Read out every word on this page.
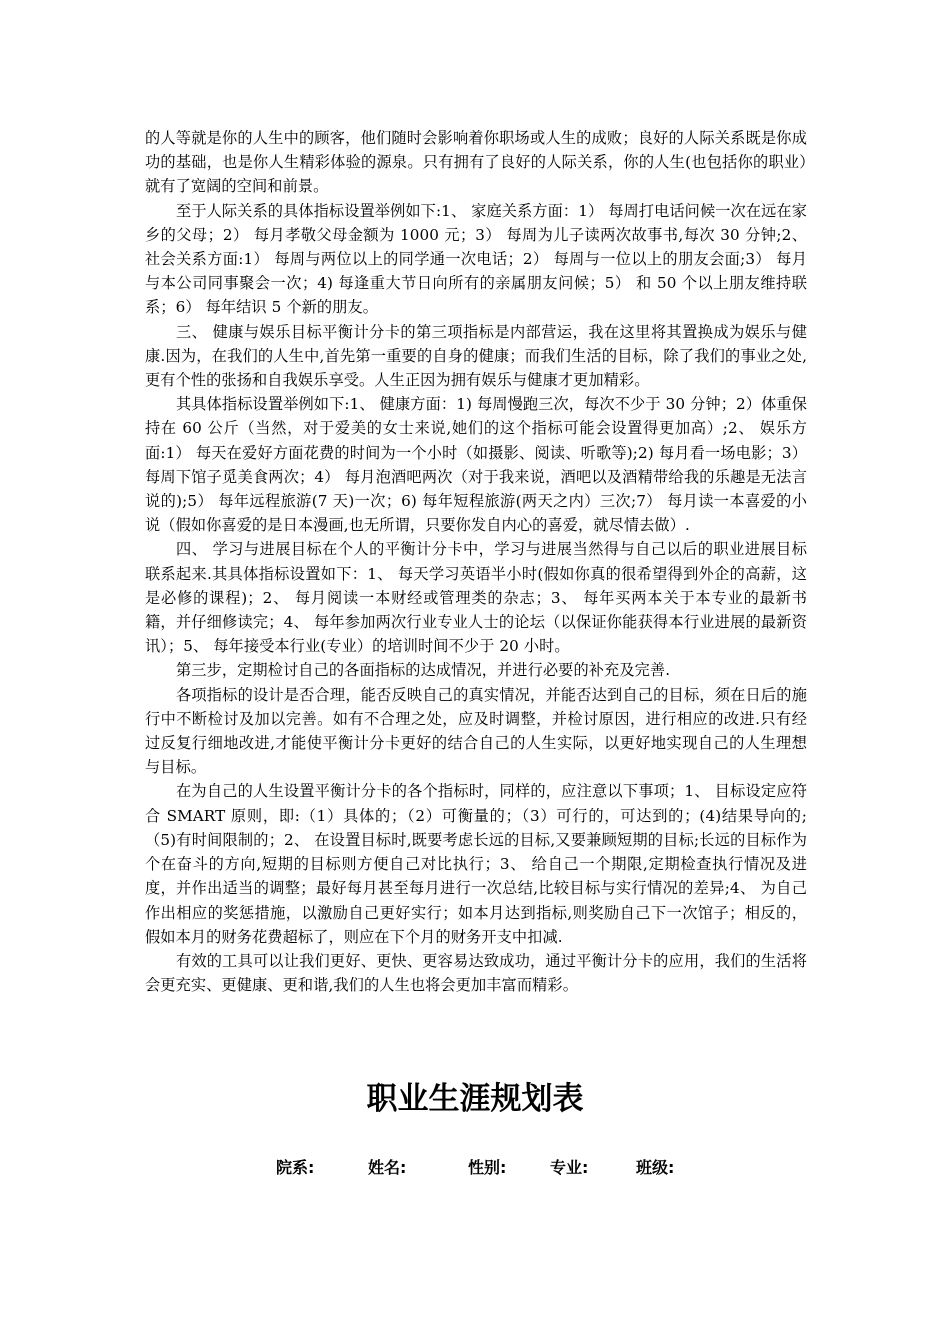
的人等就是你的人生中的顾客，他们随时会影响着你职场或人生的成败；良好的人际关系既是你成功的基础，也是你人生精彩体验的源泉。只有拥有了良好的人际关系，你的人生(也包括你的职业）就有了宽阔的空间和前景。

至于人际关系的具体指标设置举例如下:1、 家庭关系方面：1） 每周打电话问候一次在远在家乡的父母；2） 每月孝敬父母金额为 1000 元；3） 每周为儿子读两次故事书,每次 30 分钟;2、 社会关系方面:1） 每周与两位以上的同学通一次电话；2） 每周与一位以上的朋友会面;3） 每月与本公司同事聚会一次；4) 每逢重大节日向所有的亲属朋友问候；5） 和 50 个以上朋友维持联系；6） 每年结识 5 个新的朋友。

三、 健康与娱乐目标平衡计分卡的第三项指标是内部营运，我在这里将其置换成为娱乐与健康.因为，在我们的人生中,首先第一重要的自身的健康；而我们生活的目标，除了我们的事业之处,更有个性的张扬和自我娱乐享受。人生正因为拥有娱乐与健康才更加精彩。

其具体指标设置举例如下:1、 健康方面：1) 每周慢跑三次，每次不少于 30 分钟；2）体重保持在 60 公斤（当然，对于爱美的女士来说,她们的这个指标可能会设置得更加高）;2、 娱乐方面:1） 每天在爱好方面花费的时间为一个小时（如摄影、阅读、听歌等);2) 每月看一场电影；3） 每周下馆子觅美食两次；4） 每月泡酒吧两次（对于我来说，酒吧以及酒精带给我的乐趣是无法言说的);5） 每年远程旅游(7 天)一次；6) 每年短程旅游(两天之内）三次;7） 每月读一本喜爱的小说（假如你喜爱的是日本漫画,也无所谓，只要你发自内心的喜爱，就尽情去做）.

四、 学习与进展目标在个人的平衡计分卡中，学习与进展当然得与自己以后的职业进展目标联系起来.其具体指标设置如下：1、 每天学习英语半小时(假如你真的很希望得到外企的高薪，这是必修的课程)；2、 每月阅读一本财经或管理类的杂志；3、 每年买两本关于本专业的最新书籍，并仔细修读完；4、 每年参加两次行业专业人士的论坛（以保证你能获得本行业进展的最新资讯）；5、 每年接受本行业(专业）的培训时间不少于 20 小时。

第三步，定期检讨自己的各面指标的达成情况，并进行必要的补充及完善.

各项指标的设计是否合理，能否反映自己的真实情况，并能否达到自己的目标，须在日后的施行中不断检讨及加以完善。如有不合理之处，应及时调整，并检讨原因，进行相应的改进.只有经过反复行细地改进,才能使平衡计分卡更好的结合自己的人生实际，以更好地实现自己的人生理想与目标。

在为自己的人生设置平衡计分卡的各个指标时，同样的，应注意以下事项；1、 目标设定应符合 SMART 原则，即:（1）具体的；（2）可衡量的；（3）可行的，可达到的；(4)结果导向的;（5)有时间限制的；2、 在设置目标时,既要考虑长远的目标,又要兼顾短期的目标;长远的目标作为个在奋斗的方向,短期的目标则方便自己对比执行；3、 给自己一个期限,定期检查执行情况及进度，并作出适当的调整；最好每月甚至每月进行一次总结,比较目标与实行情况的差异;4、 为自己作出相应的奖惩措施，以激励自己更好实行；如本月达到指标,则奖励自己下一次馆子；相反的，假如本月的财务花费超标了，则应在下个月的财务开支中扣减.

有效的工具可以让我们更好、更快、更容易达致成功，通过平衡计分卡的应用，我们的生活将会更充实、更健康、更和谐,我们的人生也将会更加丰富而精彩。

职业生涯规划表
院系:	姓名:	性别:	专业:	班级:
